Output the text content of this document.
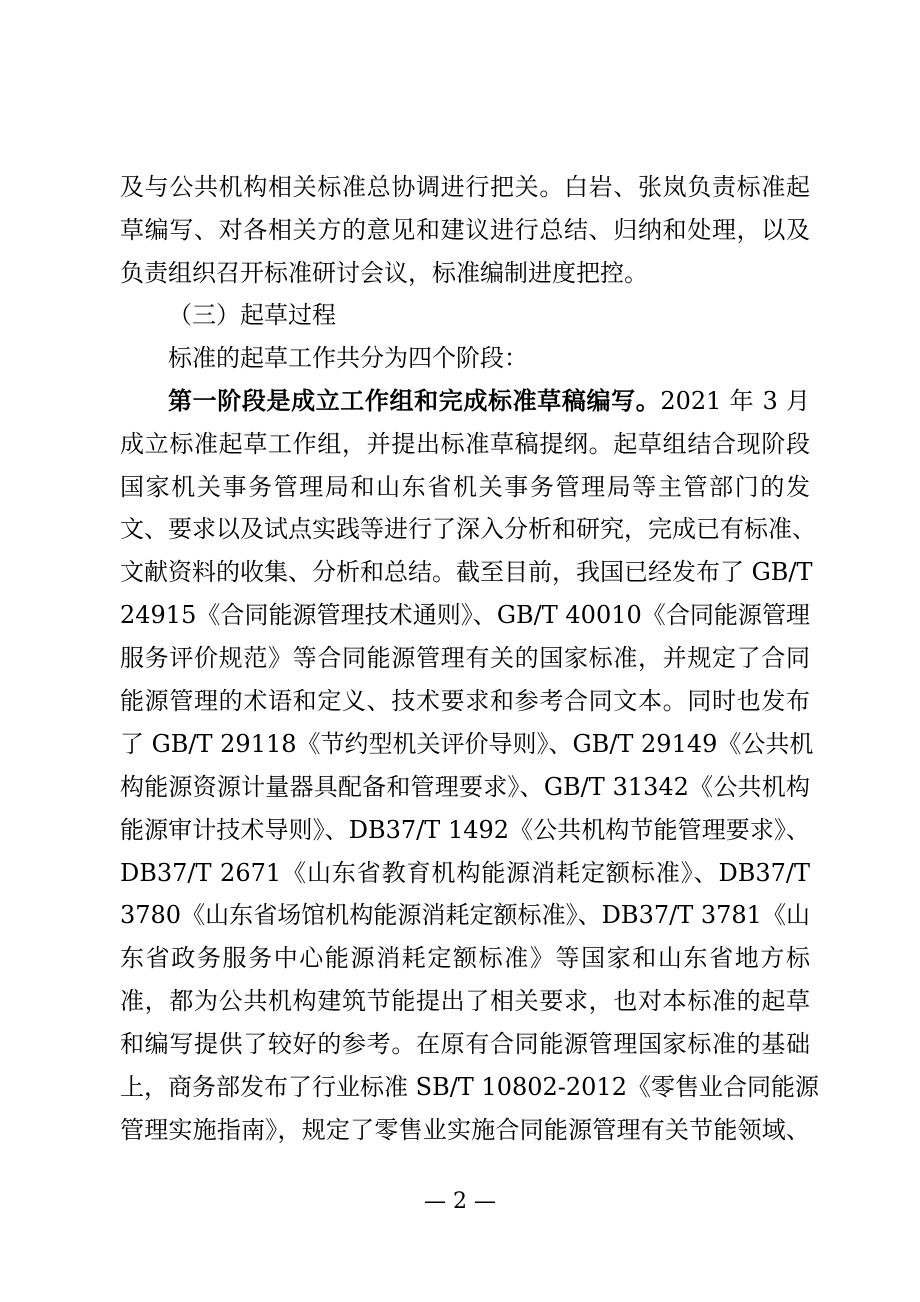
及与公共机构相关标准总协调进行把关。白岩、张岚负责标准起
草编写、对各相关方的意见和建议进行总结、归纳和处理，以及
负责组织召开标准研讨会议，标准编制进度把控。
（三）起草过程
标准的起草工作共分为四个阶段：
第一阶段是成立工作组和完成标准草稿编写。2021 年 3 月
成立标准起草工作组，并提出标准草稿提纲。起草组结合现阶段
国家机关事务管理局和山东省机关事务管理局等主管部门的发
文、要求以及试点实践等进行了深入分析和研究，完成已有标准、
文献资料的收集、分析和总结。截至目前，我国已经发布了 GB/T
24915《合同能源管理技术通则》、GB/T 40010《合同能源管理
服务评价规范》等合同能源管理有关的国家标准，并规定了合同
能源管理的术语和定义、技术要求和参考合同文本。同时也发布
了 GB/T 29118《节约型机关评价导则》、GB/T 29149《公共机
构能源资源计量器具配备和管理要求》、GB/T 31342《公共机构
能源审计技术导则》、DB37/T 1492《公共机构节能管理要求》、
DB37/T 2671《山东省教育机构能源消耗定额标准》、DB37/T
3780《山东省场馆机构能源消耗定额标准》、DB37/T 3781《山
东省政务服务中心能源消耗定额标准》等国家和山东省地方标
准，都为公共机构建筑节能提出了相关要求，也对本标准的起草
和编写提供了较好的参考。在原有合同能源管理国家标准的基础
上，商务部发布了行业标准 SB/T 10802-2012《零售业合同能源
管理实施指南》，规定了零售业实施合同能源管理有关节能领域、
— 2 —
